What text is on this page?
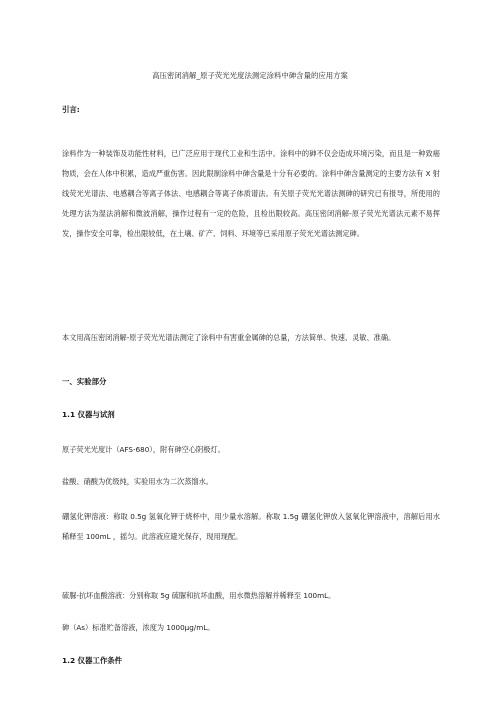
高压密闭消解_原子荧光光度法测定涂料中砷含量的应用方案
引言:
涂料作为一种装饰及功能性材料，已广泛应用于现代工业和生活中。涂料中的砷不仅会造成环境污染，而且是一种致癌物质，会在人体中积累，造成严重伤害。因此限制涂料中砷含量是十分有必要的。涂料中砷含量测定的主要方法有 X 射线荧光光谱法、电感耦合等离子体法、电感耦合等离子体质谱法。有关原子荧光光谱法测砷的研究已有报导，所使用的处理方法为湿法消解和微波消解，操作过程有一定的危险，且检出限较高。高压密闭消解-原子荧光光谱法元素不易挥发，操作安全可靠，检出限较低，在土壤、矿产、饲料、环境等已采用原子荧光光谱法测定砷。
本文用高压密闭消解-原子荧光光谱法测定了涂料中有害重金属砷的总量，方法简单、快速、灵敏、准确。
一、实验部分
1.1 仪器与试剂
原子荧光光度计（AFS-680），附有砷空心阴极灯。
盐酸、硝酸为优级纯，实验用水为二次蒸馏水。
硼氢化钾溶液：称取 0.5g 氢氧化钾于烧杯中，用少量水溶解。称取 1.5g 硼氢化钾放入氢氧化钾溶液中，溶解后用水稀释至 100mL ，摇匀。此溶液应避光保存，现用现配。
硫脲-抗坏血酸溶液：分别称取 5g 硫脲和抗坏血酸，用水微热溶解并稀释至 100mL。
砷（As）标准贮备溶液，浓度为 1000μg/mL。
1.2 仪器工作条件
